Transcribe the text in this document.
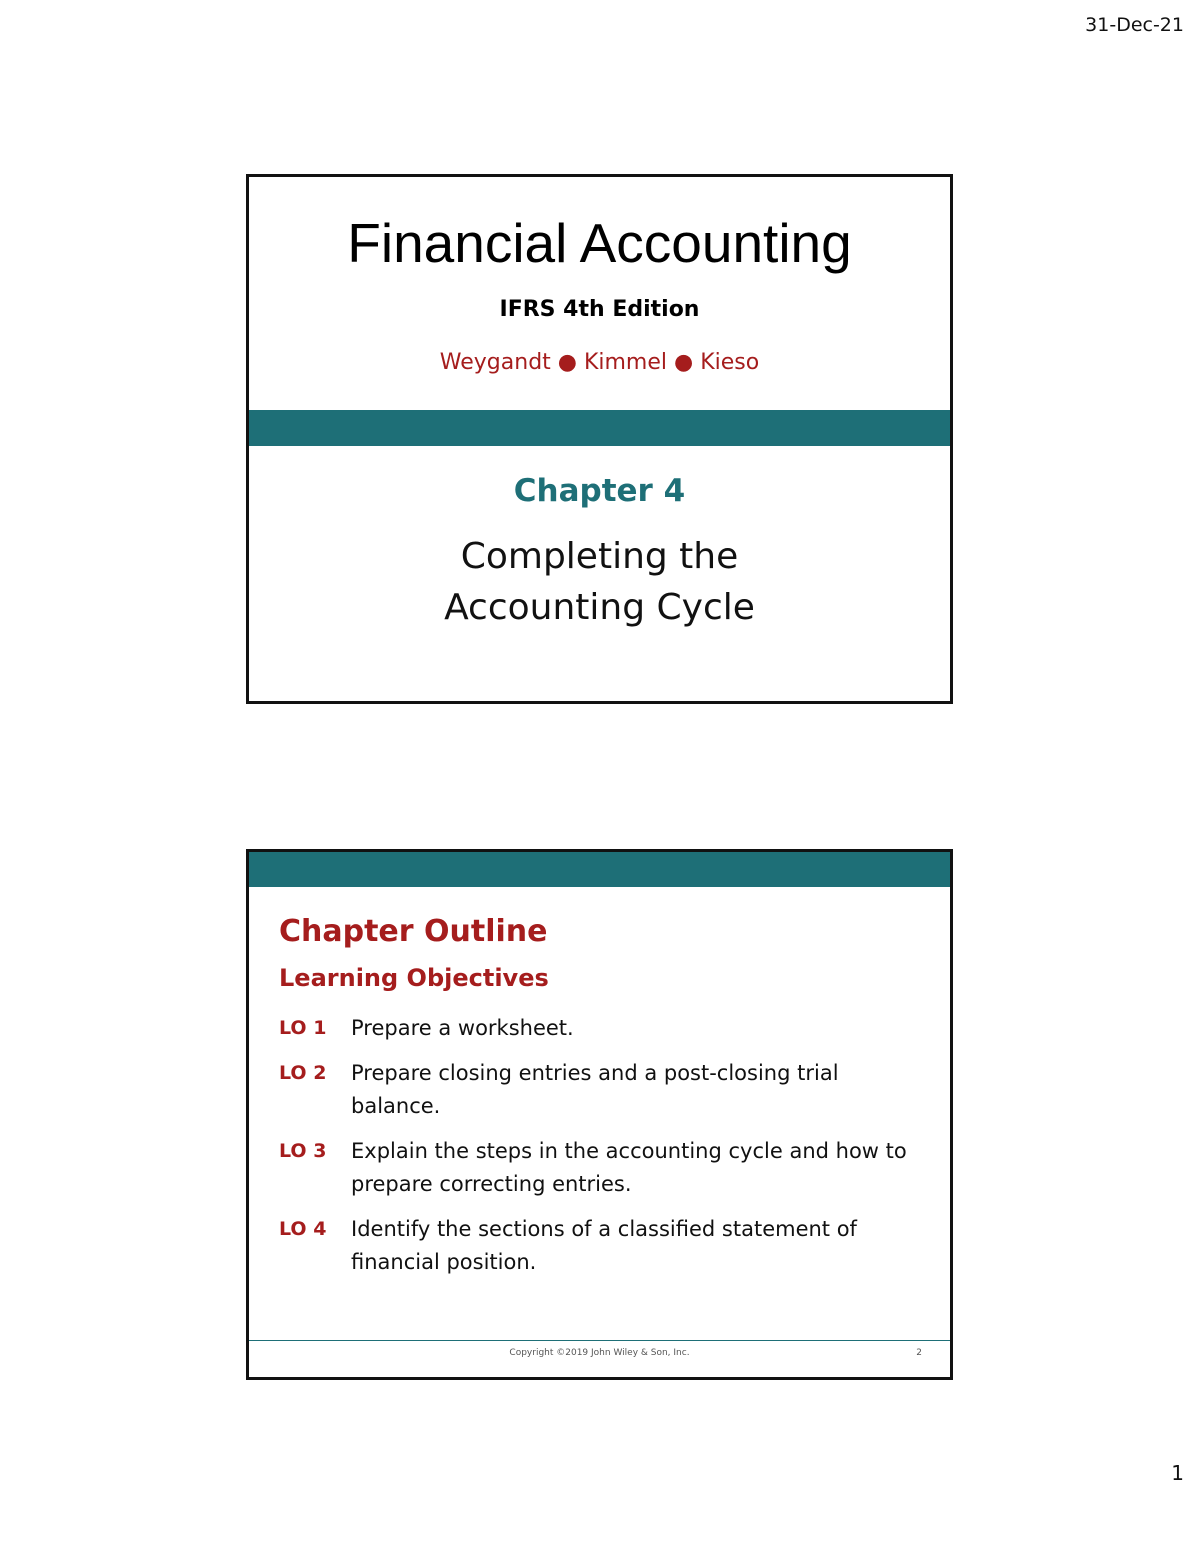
31-Dec-21
Financial Accounting
IFRS 4th Edition
Weygandt ● Kimmel ● Kieso
Chapter 4
Completing the
Accounting Cycle
Chapter Outline
Learning Objectives
LO 1	Prepare a worksheet.
LO 2	Prepare closing entries and a post-closing trial balance.
LO 3	Explain the steps in the accounting cycle and how to prepare correcting entries.
LO 4	Identify the sections of a classified statement of financial position.
Copyright ©2019 John Wiley & Son, Inc.	2
1
